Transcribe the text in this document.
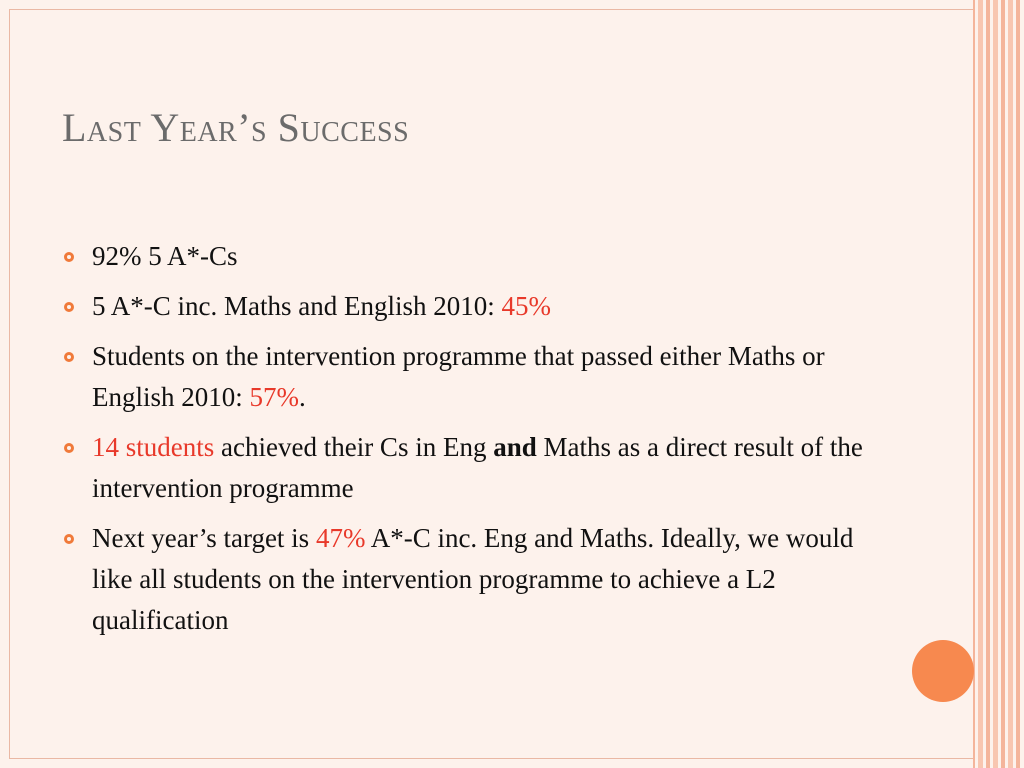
Last Year’s Success
92% 5 A*-Cs
5 A*-C inc. Maths and English 2010: 45%
Students on the intervention programme that passed either Maths or English 2010: 57%.
14 students achieved their Cs in Eng and Maths as a direct result of the intervention programme
Next year’s target is 47% A*-C inc. Eng and Maths. Ideally, we would like all students on the intervention programme to achieve a L2 qualification
